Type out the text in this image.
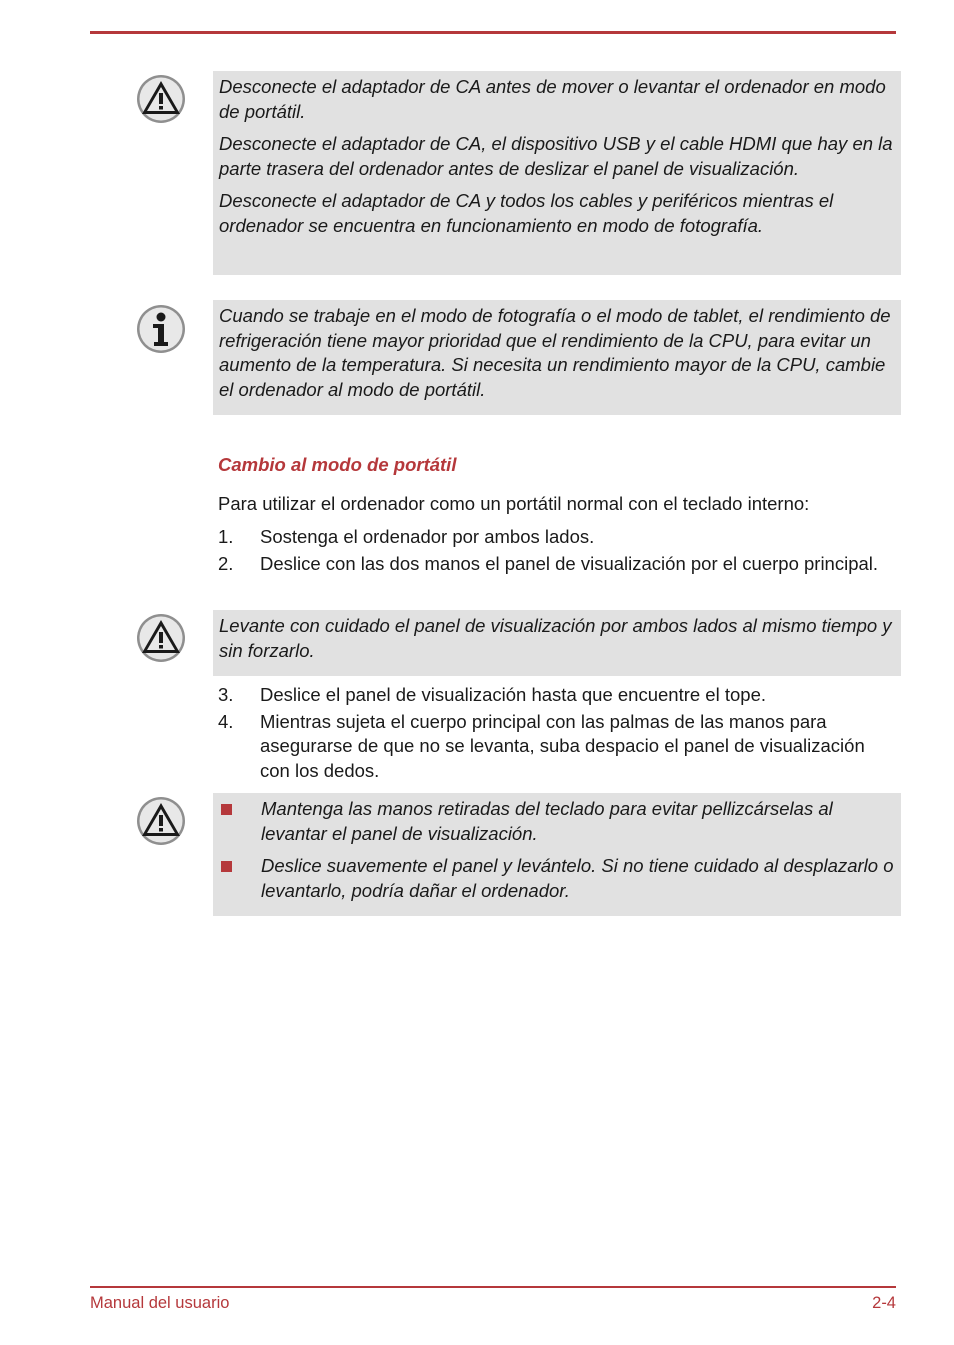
Desconecte el adaptador de CA antes de mover o levantar el ordenador en modo de portátil.

Desconecte el adaptador de CA, el dispositivo USB y el cable HDMI que hay en la parte trasera del ordenador antes de deslizar el panel de visualización.

Desconecte el adaptador de CA y todos los cables y periféricos mientras el ordenador se encuentra en funcionamiento en modo de fotografía.

Cuando se trabaje en el modo de fotografía o el modo de tablet, el rendimiento de refrigeración tiene mayor prioridad que el rendimiento de la CPU, para evitar un aumento de la temperatura. Si necesita un rendimiento mayor de la CPU, cambie el ordenador al modo de portátil.

Cambio al modo de portátil

Para utilizar el ordenador como un portátil normal con el teclado interno:

1. Sostenga el ordenador por ambos lados.
2. Deslice con las dos manos el panel de visualización por el cuerpo principal.

Levante con cuidado el panel de visualización por ambos lados al mismo tiempo y sin forzarlo.

3. Deslice el panel de visualización hasta que encuentre el tope.
4. Mientras sujeta el cuerpo principal con las palmas de las manos para asegurarse de que no se levanta, suba despacio el panel de visualización con los dedos.
Mantenga las manos retiradas del teclado para evitar pellizcárselas al levantar el panel de visualización.
Deslice suavemente el panel y levántelo. Si no tiene cuidado al desplazarlo o levantarlo, podría dañar el ordenador.
Manual del usuario	2-4
